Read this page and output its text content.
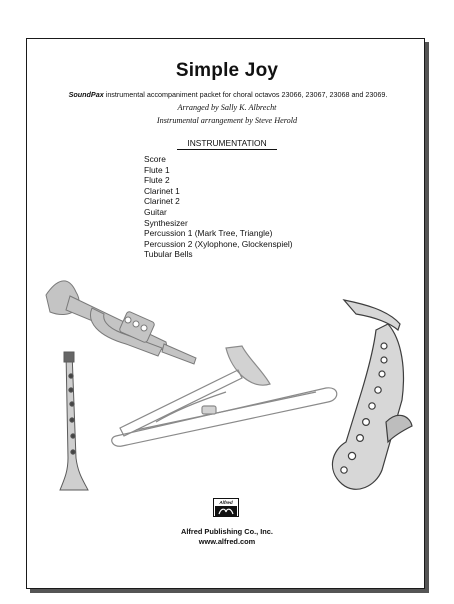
Simple Joy
SoundPax instrumental accompaniment packet for choral octavos 23066, 23067, 23068 and 23069.
Arranged by Sally K. Albrecht
Instrumental arrangement by Steve Herold
INSTRUMENTATION
Score
Flute 1
Flute 2
Clarinet 1
Clarinet 2
Guitar
Synthesizer
Percussion 1 (Mark Tree, Triangle)
Percussion 2 (Xylophone, Glockenspiel)
Tubular Bells
Alfred
Alfred Publishing Co., Inc.
www.alfred.com
